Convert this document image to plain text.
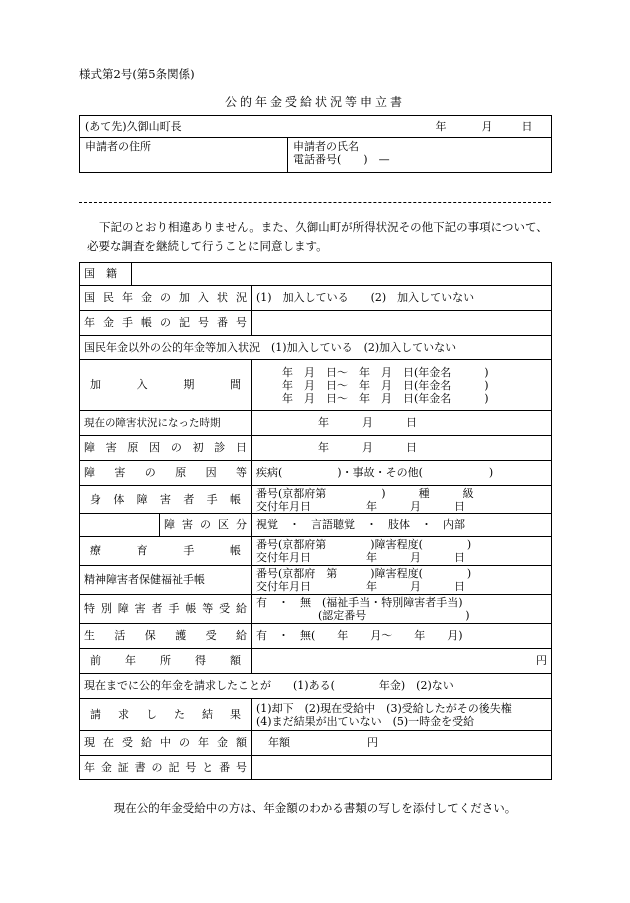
様式第2号(第5条関係)
公的年金受給状況等申立書
(あて先)久御山町長	年	月	日

申請者の住所	申請者の氏名
電話番号(　　)　—

下記のとおり相違ありません。また、久御山町が所得状況その他下記の事項について、

必要な調査を継続して行うことに同意します。

国　籍			
国民年金の加入状況			(1)　加入している　　(2)　加入していない
年金手帳の記号番号			
国民年金以外の公的年金等加入状況　(1)加入している　(2)加入していない			
加入期間			年　月　日～　年　月　日(年金名　　　)
年　月　日～　年　月　日(年金名　　　)
年　月　日～　年　月　日(年金名　　　)

現在の障害状況になった時期			年　　　月　　　日
障害原因の初診日			年　　　月　　　日
障害の原因等			疾病(　　　　　)・事故・その他(　　　　　　)
身体障害者手帳			番号(京都府第　　　　　)　　　種　　　級
交付年月日　　　　　年　　　月　　　日

		障害の区分	視覚　・　言語聴覚　・　肢体　・　内部
療育手帳			番号(京都府第　　　　)障害程度(　　　　)
交付年月日　　　　　年　　　月　　　日

精神障害者保健福祉手帳			番号(京都府　第　　　)障害程度(　　　　)
交付年月日　　　　　年　　　月　　　日

特別障害者手帳等受給			有　・　無　(福祉手当・特別障害者手当)
(認定番号　　　　　　　　　)

生活保護受給			有　・　無(　　年　　月～　　年　　月)
前年所得額			円
現在までに公的年金を請求したことが　　(1)ある(　　　　年金)　(2)ない			
請求した結果			(1)却下　(2)現在受給中　(3)受給したがその後失権
(4)まだ結果が出ていない　(5)一時金を受給

現在受給中の年金額			年額　　　　　　　円
年金証書の記号と番号			
現在公的年金受給中の方は、年金額のわかる書類の写しを添付してください。
